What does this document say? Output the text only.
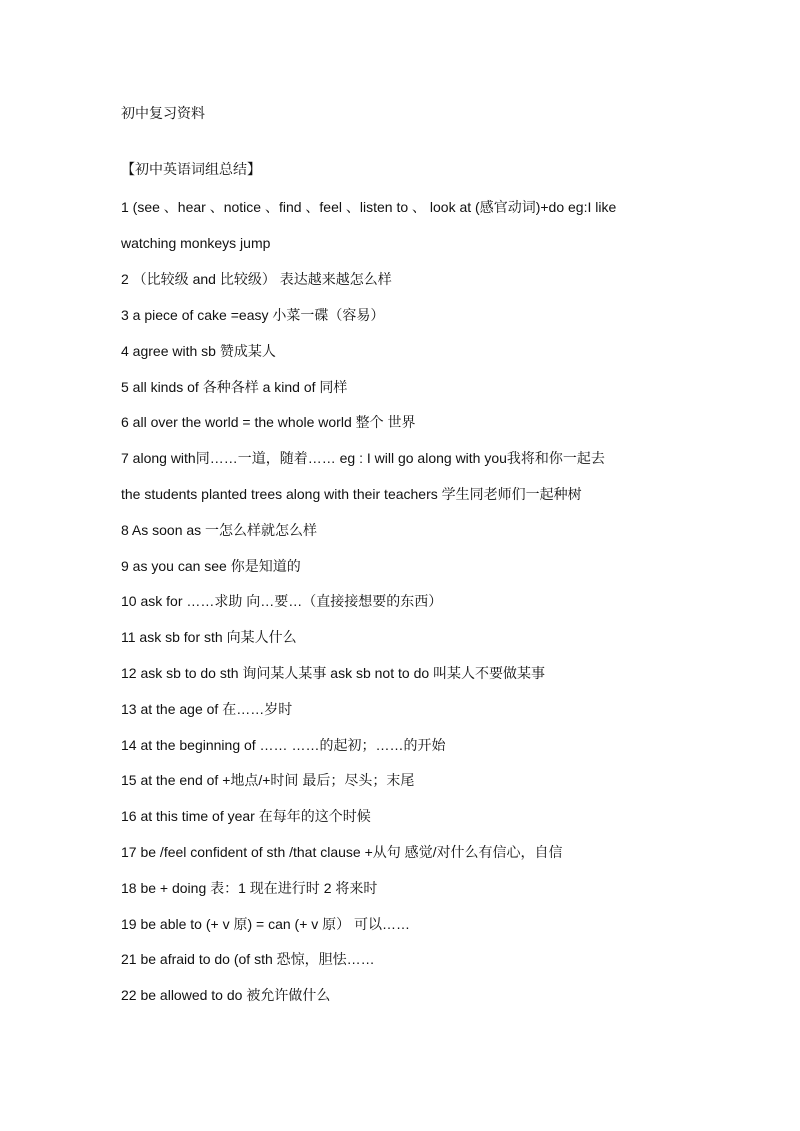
初中复习资料
【初中英语词组总结】
1 (see 、hear 、notice 、find 、feel 、listen to 、 look at (感官动词)+do eg:I like
watching monkeys jump
2 （比较级 and 比较级） 表达越来越怎么样
3 a piece of cake =easy 小菜一碟（容易）
4 agree with sb 赞成某人
5 all kinds of 各种各样 a kind of 同样
6 all over the world = the whole world 整个 世界
7 along with同……一道，随着…… eg : I will go along with you我将和你一起去
the students planted trees along with their teachers 学生同老师们一起种树
8 As soon as 一怎么样就怎么样
9 as you can see 你是知道的
10 ask for ……求助 向…要…（直接接想要的东西）
11 ask sb for sth 向某人什么
12 ask sb to do sth 询问某人某事 ask sb not to do 叫某人不要做某事
13 at the age of 在……岁时
14 at the beginning of …… ……的起初；……的开始
15 at the end of +地点/+时间 最后；尽头；末尾
16 at this time of year 在每年的这个时候
17 be /feel confident of sth /that clause +从句 感觉/对什么有信心，自信
18 be + doing 表：1 现在进行时 2 将来时
19 be able to (+ v 原) = can (+ v 原） 可以……
21 be afraid to do (of sth 恐惊，胆怯……
22 be allowed to do 被允许做什么
